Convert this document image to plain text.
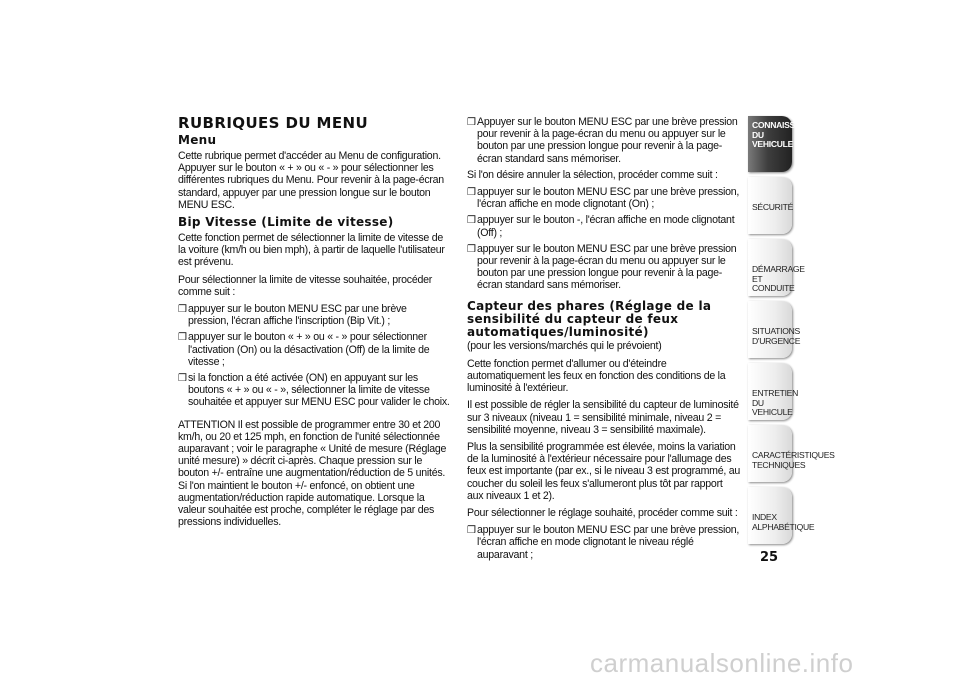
RUBRIQUES DU MENU
Menu

Cette rubrique permet d'accéder au Menu de configuration. Appuyer sur le bouton « + » ou « - » pour sélectionner les différentes rubriques du Menu. Pour revenir à la page-écran standard, appuyer par une pression longue sur le bouton MENU ESC.

Bip Vitesse (Limite de vitesse)

Cette fonction permet de sélectionner la limite de vitesse de la voiture (km/h ou bien mph), à partir de laquelle l'utilisateur est prévenu.

Pour sélectionner la limite de vitesse souhaitée, procéder comme suit :

❒ appuyer sur le bouton MENU ESC par une brève pression, l'écran affiche l'inscription (Bip Vit.) ;
❒ appuyer sur le bouton « + » ou « - » pour sélectionner l'activation (On) ou la désactivation (Off) de la limite de vitesse ;
❒ si la fonction a été activée (ON) en appuyant sur les boutons « + » ou « - », sélectionner la limite de vitesse souhaitée et appuyer sur MENU ESC pour valider le choix.

ATTENTION Il est possible de programmer entre 30 et 200 km/h, ou 20 et 125 mph, en fonction de l'unité sélectionnée auparavant ; voir le paragraphe « Unité de mesure (Réglage unité mesure) » décrit ci-après. Chaque pression sur le bouton +/- entraîne une augmentation/réduction de 5 unités. Si l'on maintient le bouton +/- enfoncé, on obtient une augmentation/réduction rapide automatique. Lorsque la valeur souhaitée est proche, compléter le réglage par des pressions individuelles.

❒ Appuyer sur le bouton MENU ESC par une brève pression pour revenir à la page-écran du menu ou appuyer sur le bouton par une pression longue pour revenir à la page-écran standard sans mémoriser.

Si l'on désire annuler la sélection, procéder comme suit :

❒ appuyer sur le bouton MENU ESC par une brève pression, l'écran affiche en mode clignotant (On) ;
❒ appuyer sur le bouton -, l'écran affiche en mode clignotant (Off) ;
❒ appuyer sur le bouton MENU ESC par une brève pression pour revenir à la page-écran du menu ou appuyer sur le bouton par une pression longue pour revenir à la page-écran standard sans mémoriser.
Capteur des phares (Réglage de la sensibilité du capteur de feux automatiques/luminosité)

(pour les versions/marchés qui le prévoient)

Cette fonction permet d'allumer ou d'éteindre automatiquement les feux en fonction des conditions de la luminosité à l'extérieur.

Il est possible de régler la sensibilité du capteur de luminosité sur 3 niveaux (niveau 1 = sensibilité minimale, niveau 2 = sensibilité moyenne, niveau 3 = sensibilité maximale).

Plus la sensibilité programmée est élevée, moins la variation de la luminosité à l'extérieur nécessaire pour l'allumage des feux est importante (par ex., si le niveau 3 est programmé, au coucher du soleil les feux s'allumeront plus tôt par rapport aux niveaux 1 et 2).

Pour sélectionner le réglage souhaité, procéder comme suit :

❒ appuyer sur le bouton MENU ESC par une brève pression, l'écran affiche en mode clignotant le niveau réglé auparavant ;
CONNAISSANCE DU VEHICULE
SÉCURITÉ
DÉMARRAGE ET CONDUITE
SITUATIONS D'URGENCE
ENTRETIEN DU VEHICULE
CARACTÉRISTIQUES TECHNIQUES
INDEX ALPHABÉTIQUE
25
carmanualsonline.info
